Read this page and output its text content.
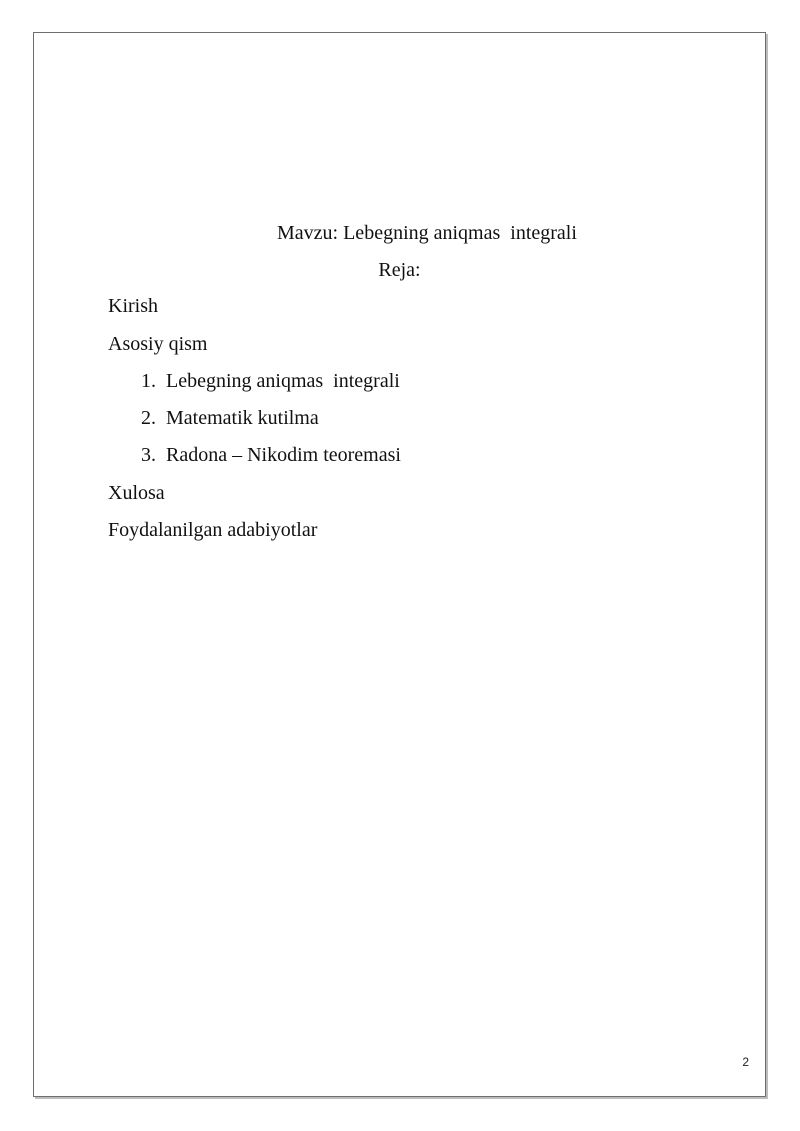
Mavzu: Lebegning aniqmas  integrali
Reja:
Kirish
Asosiy qism
1. Lebegning aniqmas  integrali
2. Matematik kutilma
3. Radona – Nikodim teoremasi
Xulosa
Foydalanilgan adabiyotlar
2
